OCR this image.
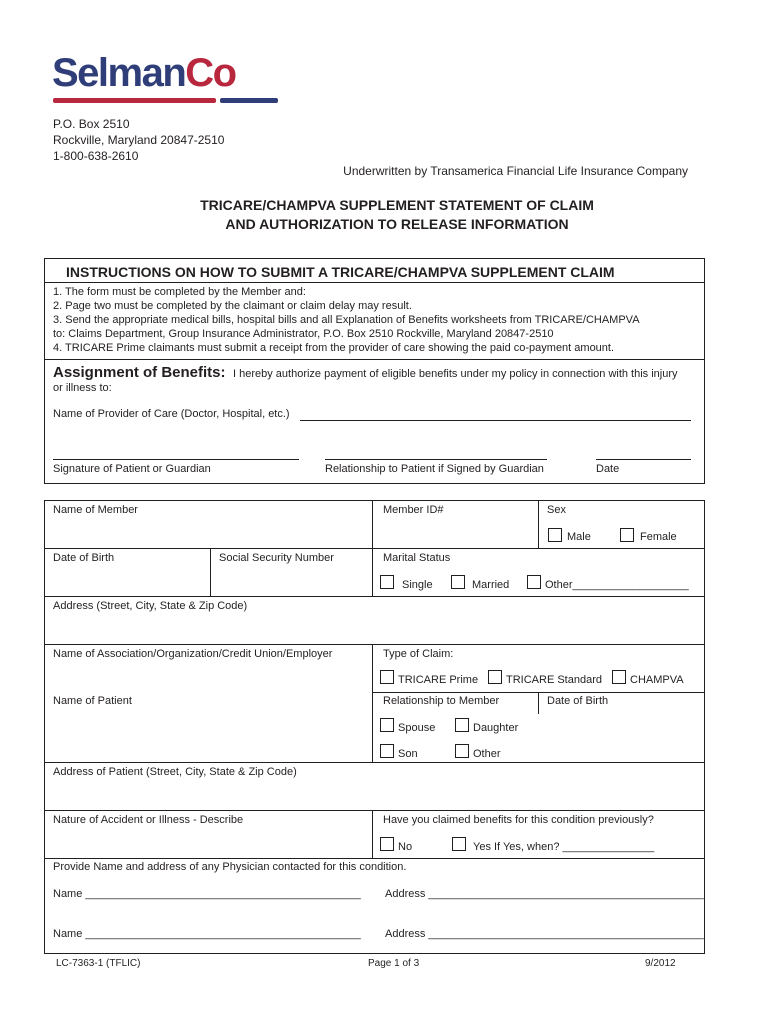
SelmanCo
P.O. Box 2510
Rockville, Maryland 20847-2510
1-800-638-2610
Underwritten by Transamerica Financial Life Insurance Company
TRICARE/CHAMPVA SUPPLEMENT STATEMENT OF CLAIM
AND AUTHORIZATION TO RELEASE INFORMATION
INSTRUCTIONS ON HOW TO SUBMIT A TRICARE/CHAMPVA SUPPLEMENT CLAIM
1. The form must be completed by the Member and:
2. Page two must be completed by the claimant or claim delay may result.
3. Send the appropriate medical bills, hospital bills and all Explanation of Benefits worksheets from TRICARE/CHAMPVA
to: Claims Department, Group Insurance Administrator, P.O. Box 2510 Rockville, Maryland 20847-2510
4. TRICARE Prime claimants must submit a receipt from the provider of care showing the paid co-payment amount.
Assignment of Benefits: I hereby authorize payment of eligible benefits under my policy in connection with this injury
or illness to:
Name of Provider of Care (Doctor, Hospital, etc.)
Signature of Patient or Guardian	Relationship to Patient if Signed by Guardian	Date
Name of Member	Member ID#	Sex
Male	Female
Date of Birth	Social Security Number	Marital Status
Single	Married	Other___________________
Address (Street, City, State & Zip Code)
Name of Association/Organization/Credit Union/Employer	Type of Claim:
TRICARE Prime	TRICARE Standard	CHAMPVA
Name of Patient	Relationship to Member	Date of Birth
Spouse	Daughter
Son	Other
Address of Patient (Street, City, State & Zip Code)
Nature of Accident or Illness - Describe	Have you claimed benefits for this condition previously?
No	Yes If Yes, when? _______________
Provide Name and address of any Physician contacted for this condition.
Name _____________________________________________ Address _____________________________________________
Name _____________________________________________ Address _____________________________________________
LC-7363-1 (TFLIC)	Page 1 of 3	9/2012
